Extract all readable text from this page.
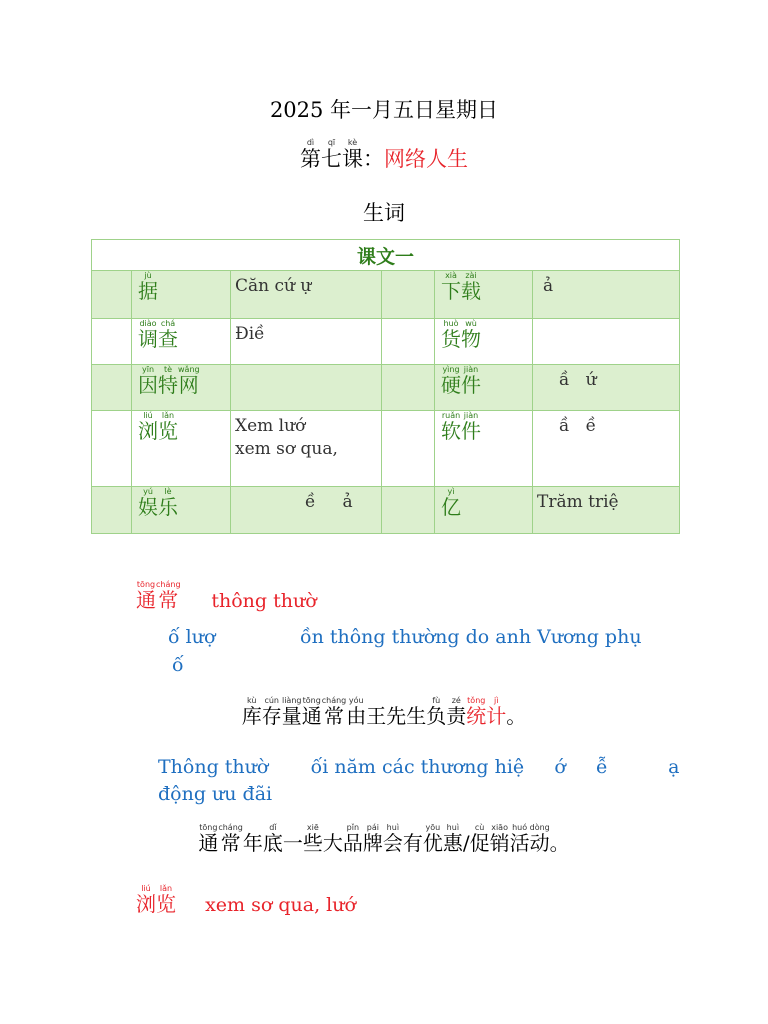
2025 年一月五日星期日
第dì七qī课kè：网络人生
生词
课文一					

	据jù	Căn cứ ự		下xià载zài	ả

	调diào查chá	Điề		货huò物wù	

	因yīn特tè网wǎng			硬yìng件jiàn	ầ   ứ

	浏liú览lǎn	Xem lướ
xem sơ qua,		软ruǎn件jiàn	ầ   ề

	娱yú乐lè	ề     ả		亿yì	Trăm triệ
通tōng常cháng thông thườ
ố lượ              ồn thông thường do anh Vương phụ
ố
库kù存cún量liàng通tōng常cháng由yóu王先生负fù责zé统tǒng计jì。
Thông thườ       ối năm các thương hiệ     ớ     ễ          ạ
động ưu đãi
通tōng常cháng年底dǐ一些xiē大品pǐn牌pái会huì有优yōu惠huì/促cù销xiāo活huó动dòng。
浏liú览lǎn xem sơ qua, lướ
